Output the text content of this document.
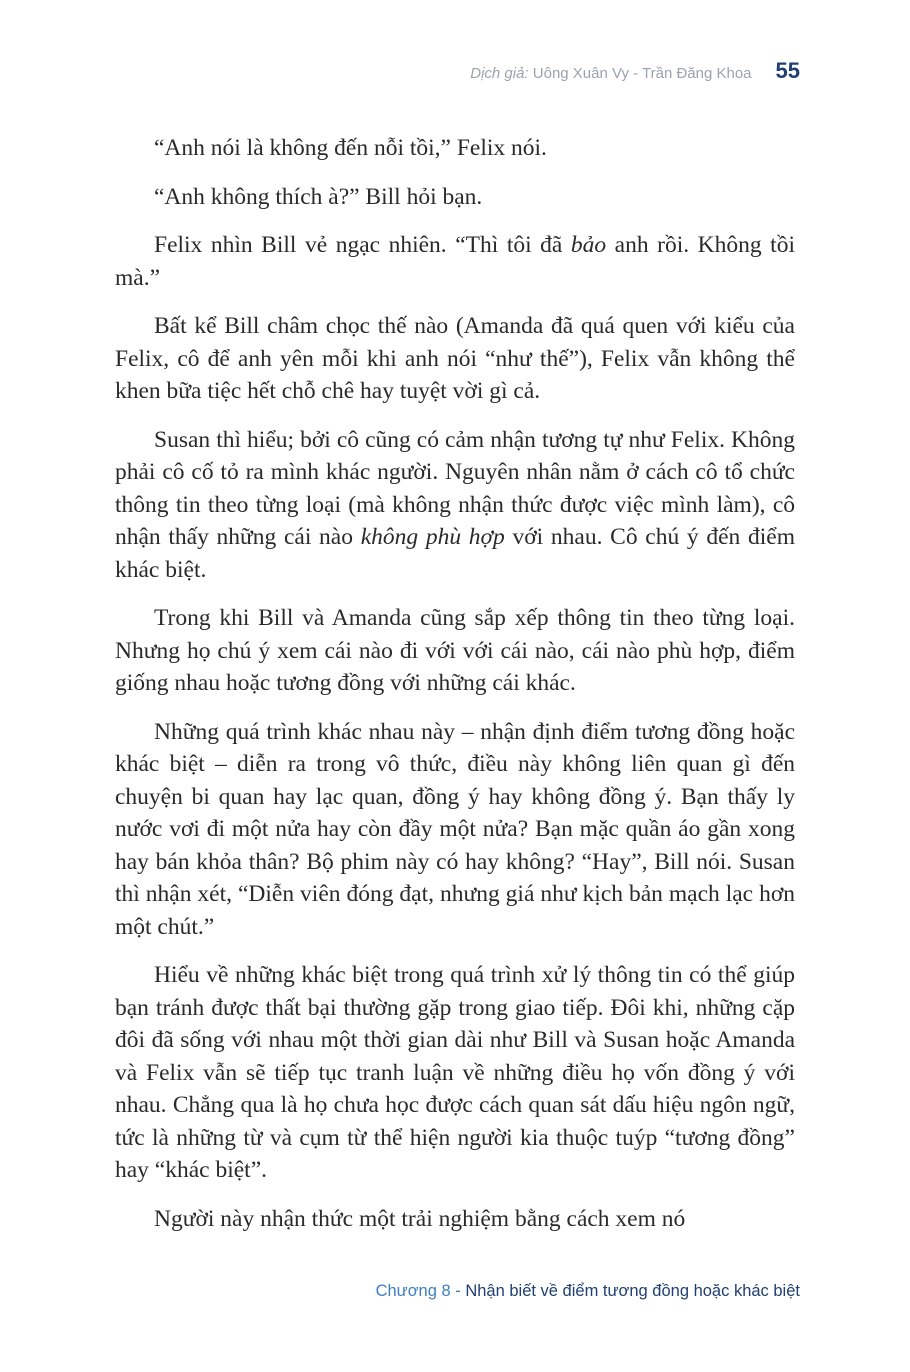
Dịch giả: Uông Xuân Vy - Trần Đăng Khoa 55

“Anh nói là không đến nỗi tồi,” Felix nói.

“Anh không thích à?” Bill hỏi bạn.

Felix nhìn Bill vẻ ngạc nhiên. “Thì tôi đã bảo anh rồi. Không tồi mà.”

Bất kể Bill châm chọc thế nào (Amanda đã quá quen với kiểu của Felix, cô để anh yên mỗi khi anh nói “như thế”), Felix vẫn không thể khen bữa tiệc hết chỗ chê hay tuyệt vời gì cả.

Susan thì hiểu; bởi cô cũng có cảm nhận tương tự như Felix. Không phải cô cố tỏ ra mình khác người. Nguyên nhân nằm ở cách cô tổ chức thông tin theo từng loại (mà không nhận thức được việc mình làm), cô nhận thấy những cái nào không phù hợp với nhau. Cô chú ý đến điểm khác biệt.

Trong khi Bill và Amanda cũng sắp xếp thông tin theo từng loại. Nhưng họ chú ý xem cái nào đi với với cái nào, cái nào phù hợp, điểm giống nhau hoặc tương đồng với những cái khác.

Những quá trình khác nhau này – nhận định điểm tương đồng hoặc khác biệt – diễn ra trong vô thức, điều này không liên quan gì đến chuyện bi quan hay lạc quan, đồng ý hay không đồng ý. Bạn thấy ly nước vơi đi một nửa hay còn đầy một nửa? Bạn mặc quần áo gần xong hay bán khỏa thân? Bộ phim này có hay không? “Hay”, Bill nói. Susan thì nhận xét, “Diễn viên đóng đạt, nhưng giá như kịch bản mạch lạc hơn một chút.”

Hiểu về những khác biệt trong quá trình xử lý thông tin có thể giúp bạn tránh được thất bại thường gặp trong giao tiếp. Đôi khi, những cặp đôi đã sống với nhau một thời gian dài như Bill và Susan hoặc Amanda và Felix vẫn sẽ tiếp tục tranh luận về những điều họ vốn đồng ý với nhau. Chẳng qua là họ chưa học được cách quan sát dấu hiệu ngôn ngữ, tức là những từ và cụm từ thể hiện người kia thuộc tuýp “tương đồng” hay “khác biệt”.

Người này nhận thức một trải nghiệm bằng cách xem nó

Chương 8 - Nhận biết về điểm tương đồng hoặc khác biệt
